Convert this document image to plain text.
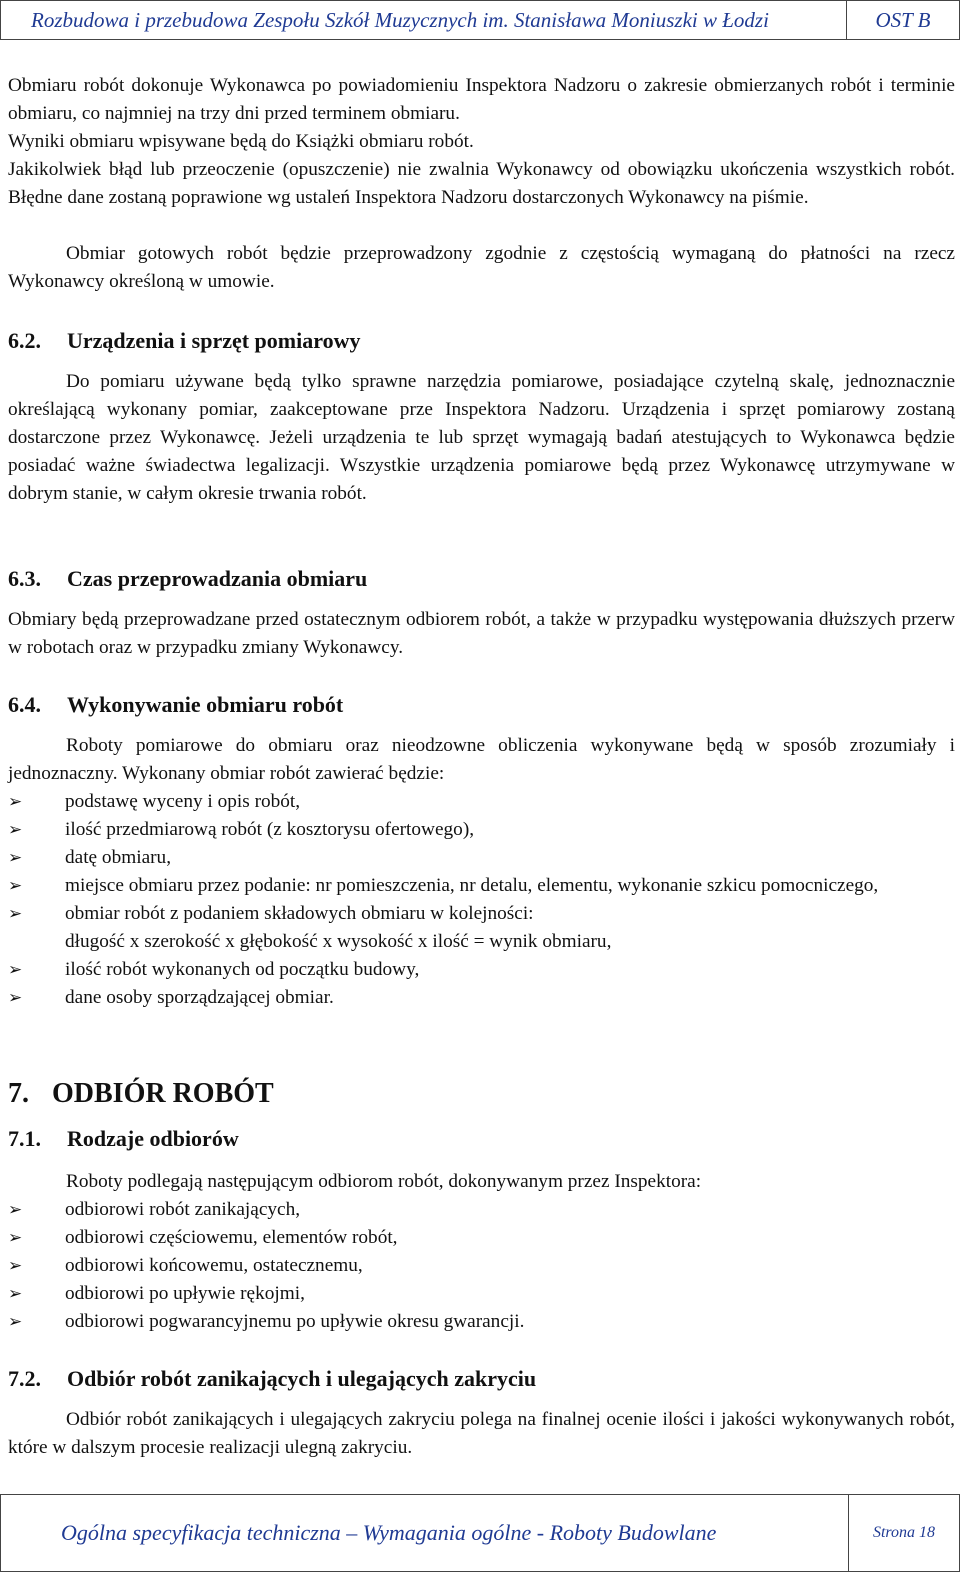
Rozbudowa i przebudowa Zespołu Szkół Muzycznych im. Stanisława Moniuszki w Łodzi	OST B

Obmiaru robót dokonuje Wykonawca po powiadomieniu Inspektora Nadzoru o zakresie obmierzanych robót i terminie obmiaru, co najmniej na trzy dni przed terminem obmiaru.

Wyniki obmiaru wpisywane będą do Książki obmiaru robót.

Jakikolwiek błąd lub przeoczenie (opuszczenie) nie zwalnia Wykonawcy od obowiązku ukończenia wszystkich robót. Błędne dane zostaną poprawione wg ustaleń Inspektora Nadzoru dostarczonych Wykonawcy na piśmie.

Obmiar gotowych robót będzie przeprowadzony zgodnie z częstością wymaganą do płatności na rzecz Wykonawcy określoną w umowie.

6.2. Urządzenia i sprzęt pomiarowy

Do pomiaru używane będą tylko sprawne narzędzia pomiarowe, posiadające czytelną skalę, jednoznacznie określającą wykonany pomiar, zaakceptowane prze Inspektora Nadzoru. Urządzenia i sprzęt pomiarowy zostaną dostarczone przez Wykonawcę. Jeżeli urządzenia te lub sprzęt wymagają badań atestujących to Wykonawca będzie posiadać ważne świadectwa legalizacji. Wszystkie urządzenia pomiarowe będą przez Wykonawcę utrzymywane w dobrym stanie, w całym okresie trwania robót.

6.3. Czas przeprowadzania obmiaru

Obmiary będą przeprowadzane przed ostatecznym odbiorem robót, a także w przypadku występowania dłuższych przerw w robotach oraz w przypadku zmiany Wykonawcy.

6.4. Wykonywanie obmiaru robót

Roboty pomiarowe do obmiaru oraz nieodzowne obliczenia wykonywane będą w sposób zrozumiały i jednoznaczny. Wykonany obmiar robót zawierać będzie:

➢	podstawę wyceny i opis robót,
➢	ilość przedmiarową robót (z kosztorysu ofertowego),
➢	datę obmiaru,
➢	miejsce obmiaru przez podanie: nr pomieszczenia, nr detalu, elementu, wykonanie szkicu pomocniczego,
➢	obmiar robót z podaniem składowych obmiaru w kolejności:
długość x szerokość x głębokość x wysokość x ilość = wynik obmiaru,
➢	ilość robót wykonanych od początku budowy,
➢	dane osoby sporządzającej obmiar.
7. ODBIÓR ROBÓT
7.1. Rodzaje odbiorów

Roboty podlegają następującym odbiorom robót, dokonywanym przez Inspektora:

➢	odbiorowi robót zanikających,
➢	odbiorowi częściowemu, elementów robót,
➢	odbiorowi końcowemu, ostatecznemu,
➢	odbiorowi po upływie rękojmi,
➢	odbiorowi pogwarancyjnemu po upływie okresu gwarancji.
7.2. Odbiór robót zanikających i ulegających zakryciu

Odbiór robót zanikających i ulegających zakryciu polega na finalnej ocenie ilości i jakości wykonywanych robót, które w dalszym procesie realizacji ulegną zakryciu.

Ogólna specyfikacja techniczna – Wymagania ogólne - Roboty Budowlane	Strona 18
